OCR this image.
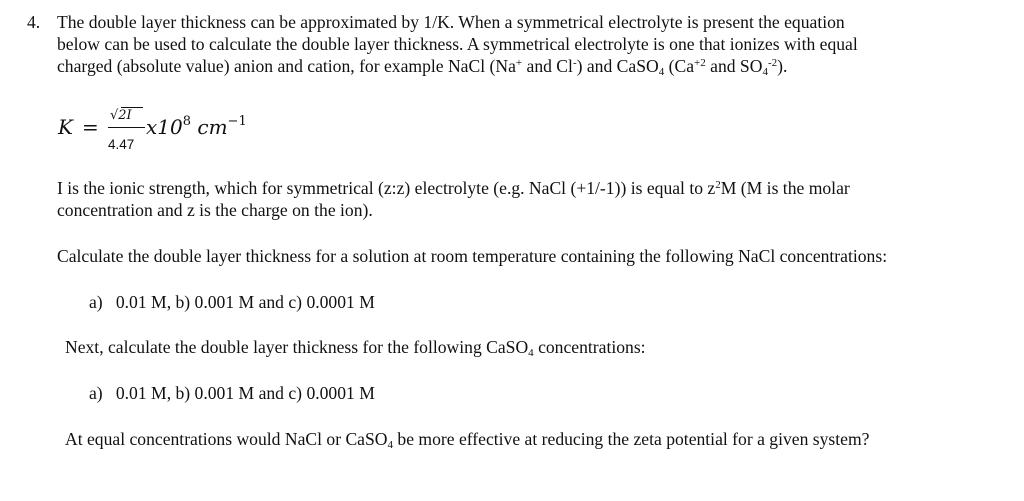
4. The double layer thickness can be approximated by 1/K. When a symmetrical electrolyte is present the equation
below can be used to calculate the double layer thickness. A symmetrical electrolyte is one that ionizes with equal
charged (absolute value) anion and cation, for example NaCl (Na+ and Cl-) and CaSO$_4$ ($Ca^{+2}$ and $SO_4^{-2}$).
K = √2I
4.47
$x10^8$ $cm^{-1}$
I is the ionic strength, which for symmetrical (z:z) electrolyte (e.g. NaCl (+1/-1)) is equal to $z^2M$ (M is the molar
concentration and z is the charge on the ion).
Calculate the double layer thickness for a solution at room temperature containing the following NaCl concentrations:
a)   0.01 M, b) 0.001 M and c) 0.0001 M
Next, calculate the double layer thickness for the following CaSO$_4$ concentrations:
a)   0.01 M, b) 0.001 M and c) 0.0001 M
At equal concentrations would NaCl or CaSO$_4$ be more effective at reducing the zeta potential for a given system?
